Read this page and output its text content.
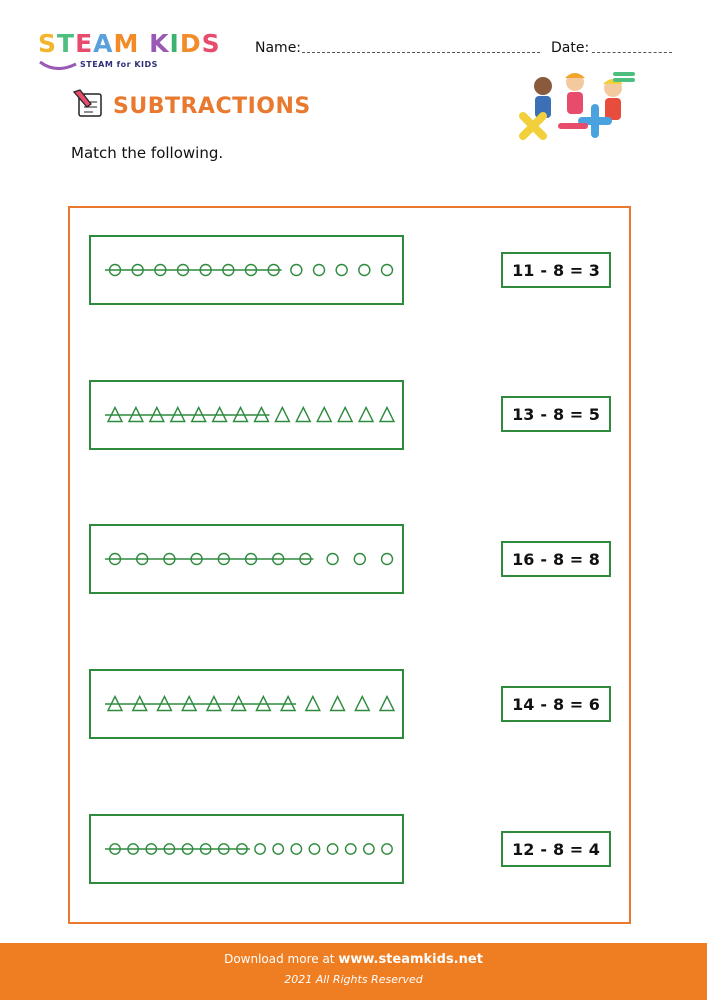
STEAM KIDS
STEAM for KIDS
Name:	Date:
SUBTRACTIONS
Match the following.
11 - 8 = 3
13 - 8 = 5
16 - 8 = 8
14 - 8 = 6
12 - 8 = 4
Download more at www.steamkids.net
2021 All Rights Reserved
